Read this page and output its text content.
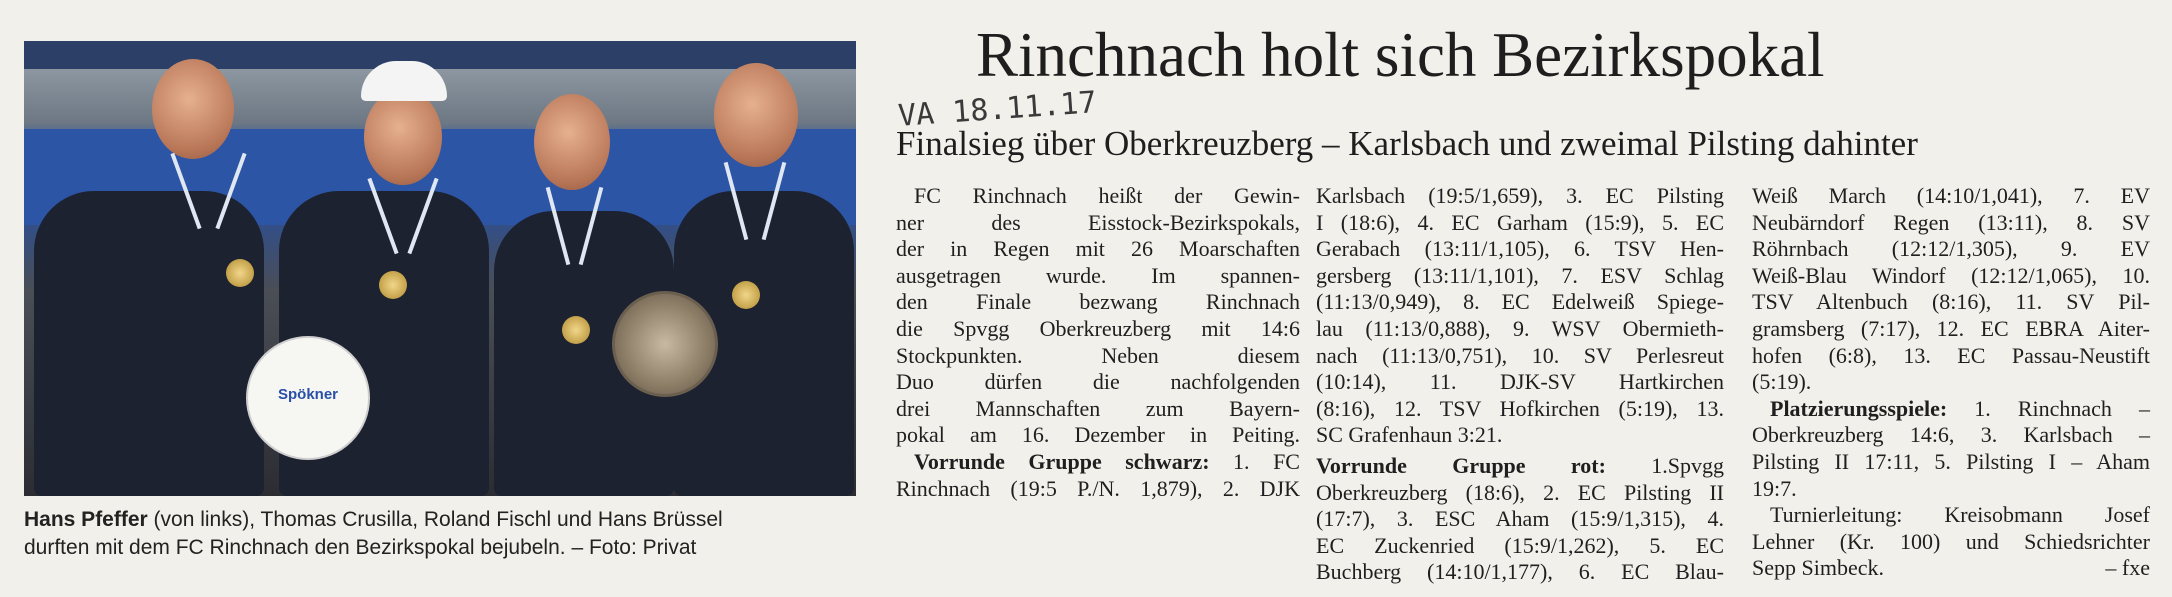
Spökner
Hans Pfeffer (von links), Thomas Crusilla, Roland Fischl und Hans Brüssel
durften mit dem FC Rinchnach den Bezirkspokal bejubeln. – Foto: Privat
Rinchnach holt sich Bezirkspokal
VA 18.11.17
Finalsieg über Oberkreuzberg – Karlsbach und zweimal Pilsting dahinter
FC Rinchnach heißt der Gewin-
ner des Eisstock-Bezirkspokals,
der in Regen mit 26 Moarschaften
ausgetragen wurde. Im spannen-
den Finale bezwang Rinchnach
die Spvgg Oberkreuzberg mit 14:6
Stockpunkten. Neben diesem
Duo dürfen die nachfolgenden
drei Mannschaften zum Bayern-
pokal am 16. Dezember in Peiting.
Vorrunde Gruppe schwarz: 1. FC
Rinchnach (19:5 P./N. 1,879), 2. DJK
Karlsbach (19:5/1,659), 3. EC Pilsting
I (18:6), 4. EC Garham (15:9), 5. EC
Gerabach (13:11/1,105), 6. TSV Hen-
gersberg (13:11/1,101), 7. ESV Schlag
(11:13/0,949), 8. EC Edelweiß Spiege-
lau (11:13/0,888), 9. WSV Obermieth-
nach (11:13/0,751), 10. SV Perlesreut
(10:14), 11. DJK-SV Hartkirchen
(8:16), 12. TSV Hofkirchen (5:19), 13.
SC Grafenhaun 3:21.
Vorrunde Gruppe rot: 1.Spvgg
Oberkreuzberg (18:6), 2. EC Pilsting II
(17:7), 3. ESC Aham (15:9/1,315), 4.
EC Zuckenried (15:9/1,262), 5. EC
Buchberg (14:10/1,177), 6. EC Blau-
Weiß March (14:10/1,041), 7. EV
Neubärndorf Regen (13:11), 8. SV
Röhrnbach (12:12/1,305), 9. EV
Weiß-Blau Windorf (12:12/1,065), 10.
TSV Altenbuch (8:16), 11. SV Pil-
gramsberg (7:17), 12. EC EBRA Aiter-
hofen (6:8), 13. EC Passau-Neustift
(5:19).
Platzierungsspiele: 1. Rinchnach –
Oberkreuzberg 14:6, 3. Karlsbach –
Pilsting II 17:11, 5. Pilsting I – Aham
19:7.
Turnierleitung: Kreisobmann Josef
Lehner (Kr. 100) und Schiedsrichter
Sepp Simbeck.	– fxe
